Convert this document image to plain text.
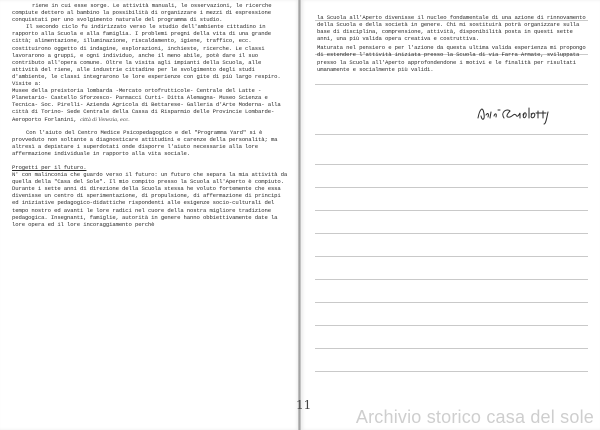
riene in cui esse sorge. Le attività manuali, le osservazioni, le ricerche compiute dettero al bambino la possibilità di organizzare i mezzi di espressione conquistati per uno svolgimento naturale del programma di studio.

Il secondo ciclo fu indirizzato verso le studio dell'ambiente cittadino in rapporto alla Scuola e alla famiglia. I problemi pregni della vita di una grande città; alimentazione, illuminazione, riscaldamento, igiene, traffico, ecc. costituirono oggetto di indagine, esplorazioni, inchieste, ricerche. Le classi lavorarono a gruppi, e ogni individuo, anche il meno abile, potè dare il suo contributo all'opera comune. Oltre la visita agli impianti della Scuola, alle attività del riene, alle industrie cittadine per le svolgimento degli studi d'ambiente, le classi integrarono le lore esperienze con gite di più largo respiro.

Visite a:

Musee della preistoria lombarda -Mercato ortofrutticole- Centrale del Latte - Planetario- Castello Sforzesco- Parmacci Curti- Ditta Alemagna- Museo Scienza e Tecnica- Soc. Pirelli- Azienda Agricola di Bettarese- Galleria d'Arte Moderna- alla città di Torino- Sede Centrale della Cassa di Risparmio delle Provincie Lombarde- Aeroporto Forlanini, città di Venezia, ecc.

Con l'aiuto del Centro Medice Psicopedagogico e del "Programma Yard" si è provveduto non soltante a diagnosticare attitudini e carenze della personalità; ma altresì a depistare i superdotati onde disporre l'aiuto necessarie alla lore affermazione individuale in rapporto alla vita sociale.

Progetti per il futuro.

N' con malinconia che guardo verso il futuro: un futuro che separa la mia attività da quella della "Casa del Sole". Il mio compito presso la Scuola all'Aperto è compiuto. Durante i sette anni di direzione della Scuola stessa he voluto fortemente che essa divenisse un centro di sperimentazione, di propulsione, di affermazione di principi ed iniziative pedagogico-didattiche rispondenti alle esigenze socio-culturali del tempo nostro ed avanti le lore radici nel cuore della nostra migliore tradizione pedagogica. Insegnanti, famiglie, autorità in genere hanno obbiettivamente date la lore opera ed il lore incoraggiamento perchè

la Scuola all'Aperto divenisse il nucleo fondamentale di una azione di rinnovamento della Scuola e della società in genere. Chi mi sostituirà potrà organizzare sulla base di disciplina, comprensione, attività, disponibilità posta in questi sette anni, una più valida opera creativa e costruttiva.

Maturata nel pensiero e per l'azione da questa ultima valida esperienza mi propongo di estendere l'attività iniziata presso la Scuola di via Farra Armate, sviluppata presso la Scuola all'Aperto approfondendone i motivi e le finalità per risultati umanamente e socialmente più validi.

11
Archivio storico casa del sole
